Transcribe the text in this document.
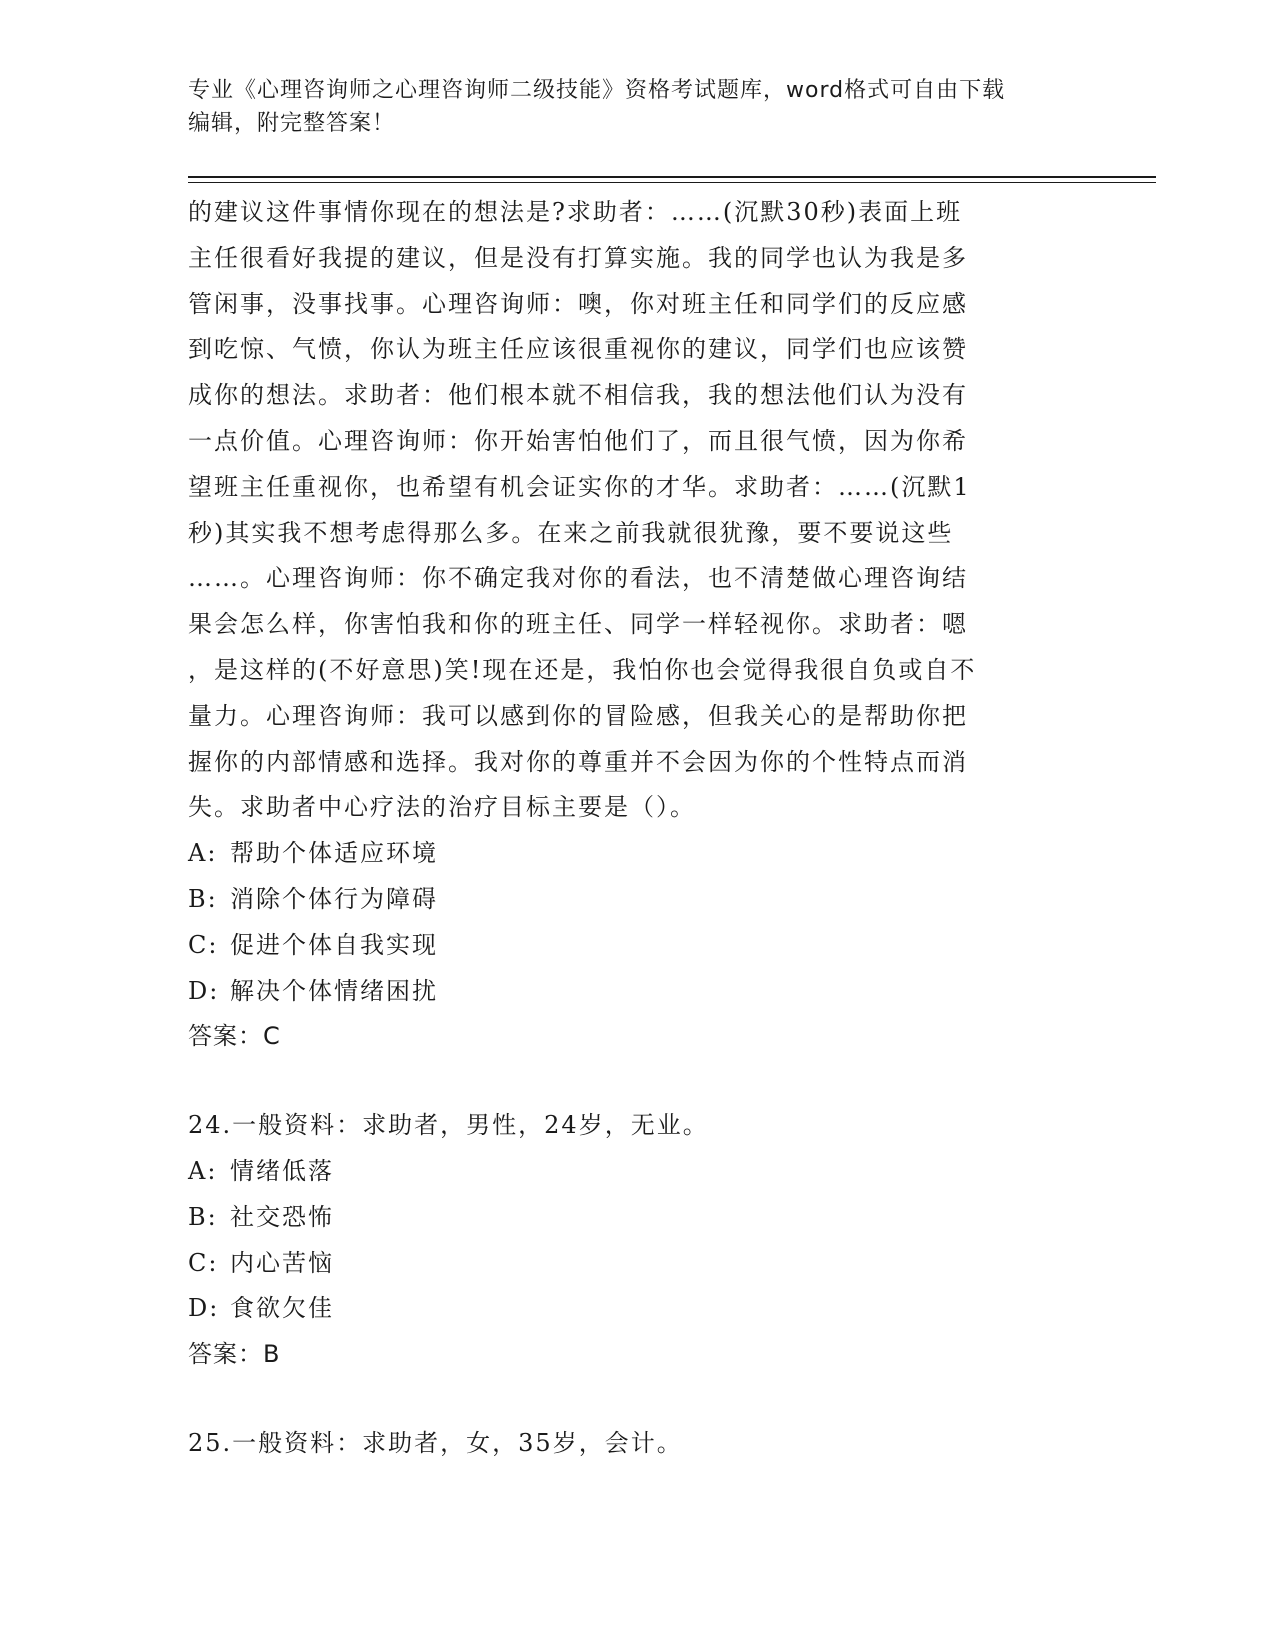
专业《心理咨询师之心理咨询师二级技能》资格考试题库，word格式可自由下载
编辑，附完整答案！

的建议这件事情你现在的想法是?求助者：……(沉默30秒)表面上班

主任很看好我提的建议，但是没有打算实施。我的同学也认为我是多

管闲事，没事找事。心理咨询师：噢，你对班主任和同学们的反应感

到吃惊、气愤，你认为班主任应该很重视你的建议，同学们也应该赞

成你的想法。求助者：他们根本就不相信我，我的想法他们认为没有

一点价值。心理咨询师：你开始害怕他们了，而且很气愤，因为你希

望班主任重视你，也希望有机会证实你的才华。求助者：……(沉默1

秒)其实我不想考虑得那么多。在来之前我就很犹豫，要不要说这些

……。心理咨询师：你不确定我对你的看法，也不清楚做心理咨询结

果会怎么样，你害怕我和你的班主任、同学一样轻视你。求助者：嗯

，是这样的(不好意思)笑!现在还是，我怕你也会觉得我很自负或自不

量力。心理咨询师：我可以感到你的冒险感，但我关心的是帮助你把

握你的内部情感和选择。我对你的尊重并不会因为你的个性特点而消

失。求助者中心疗法的治疗目标主要是（）。

A: 帮助个体适应环境
B: 消除个体行为障碍
C: 促进个体自我实现
D: 解决个体情绪困扰
答案：C
24.一般资料：求助者，男性，24岁，无业。
A: 情绪低落
B: 社交恐怖
C: 内心苦恼
D: 食欲欠佳
答案：B
25.一般资料：求助者，女，35岁，会计。
